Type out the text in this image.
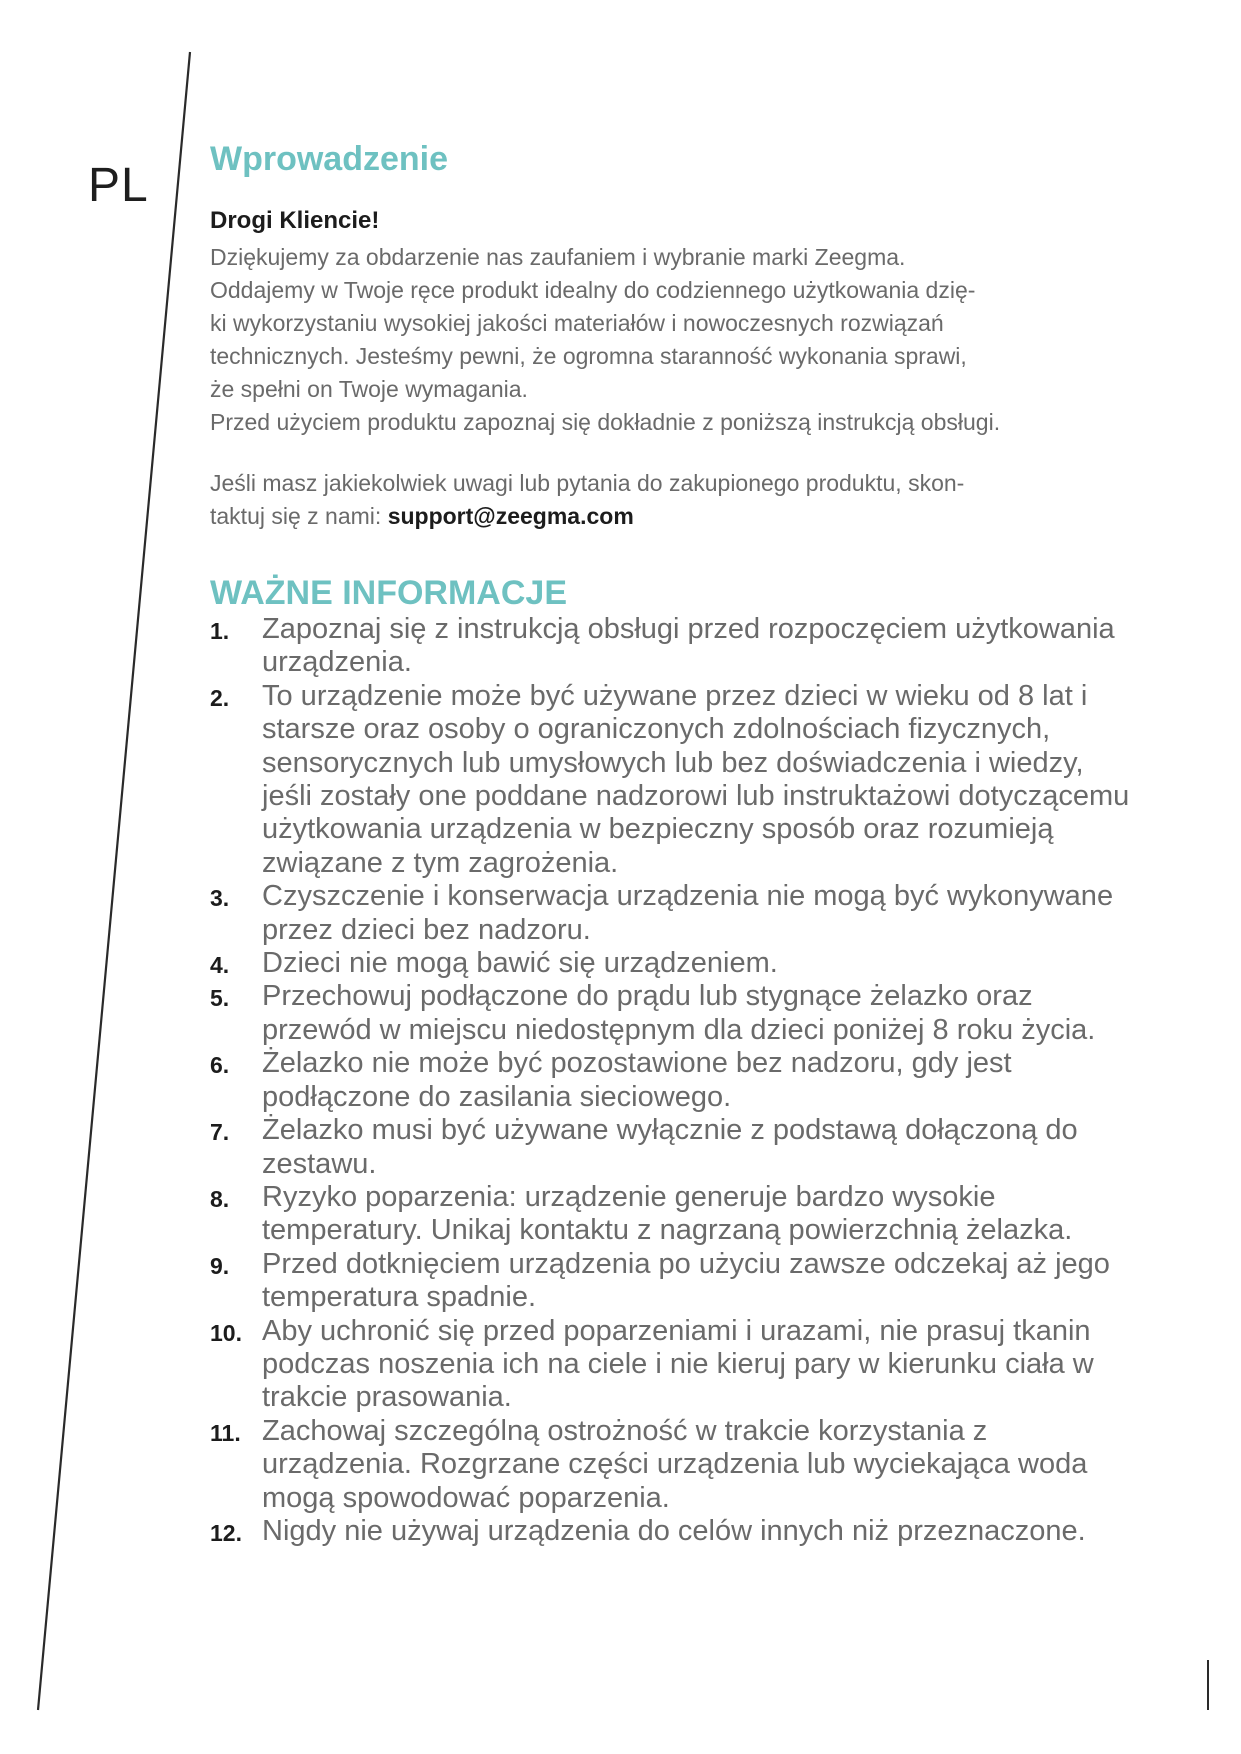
PL Wprowadzenie
Drogi Kliencie!

Dziękujemy za obdarzenie nas zaufaniem i wybranie marki Zeegma.

Oddajemy w Twoje ręce produkt idealny do codziennego użytkowania dzię-

ki wykorzystaniu wysokiej jakości materiałów i nowoczesnych rozwiązań

technicznych. Jesteśmy pewni, że ogromna staranność wykonania sprawi,

że spełni on Twoje wymagania.

Przed użyciem produktu zapoznaj się dokładnie z poniższą instrukcją obsługi.

Jeśli masz jakiekolwiek uwagi lub pytania do zakupionego produktu, skon-
taktuj się z nami: support@zeegma.com
WAŻNE INFORMACJE
1. Zapoznaj się z instrukcją obsługi przed rozpoczęciem użytkowania urządzenia.
2. To urządzenie może być używane przez dzieci w wieku od 8 lat i starsze oraz osoby o ograniczonych zdolnościach fizycznych, sensorycznych lub umysłowych lub bez doświadczenia i wiedzy, jeśli zostały one poddane nadzorowi lub instruktażowi dotyczącemu użytkowania urządzenia w bezpieczny sposób oraz rozumieją związane z tym zagrożenia.
3. Czyszczenie i konserwacja urządzenia nie mogą być wykonywane przez dzieci bez nadzoru.
4. Dzieci nie mogą bawić się urządzeniem.
5. Przechowuj podłączone do prądu lub stygnące żelazko oraz przewód w miejscu niedostępnym dla dzieci poniżej 8 roku życia.
6. Żelazko nie może być pozostawione bez nadzoru, gdy jest podłączone do zasilania sieciowego.
7. Żelazko musi być używane wyłącznie z podstawą dołączoną do zestawu.
8. Ryzyko poparzenia: urządzenie generuje bardzo wysokie temperatury. Unikaj kontaktu z nagrzaną powierzchnią żelazka.
9. Przed dotknięciem urządzenia po użyciu zawsze odczekaj aż jego temperatura spadnie.
10. Aby uchronić się przed poparzeniami i urazami, nie prasuj tkanin podczas noszenia ich na ciele i nie kieruj pary w kierunku ciała w trakcie prasowania.
11. Zachowaj szczególną ostrożność w trakcie korzystania z urządzenia. Rozgrzane części urządzenia lub wyciekająca woda mogą spowodować poparzenia.
12. Nigdy nie używaj urządzenia do celów innych niż przeznaczone.
